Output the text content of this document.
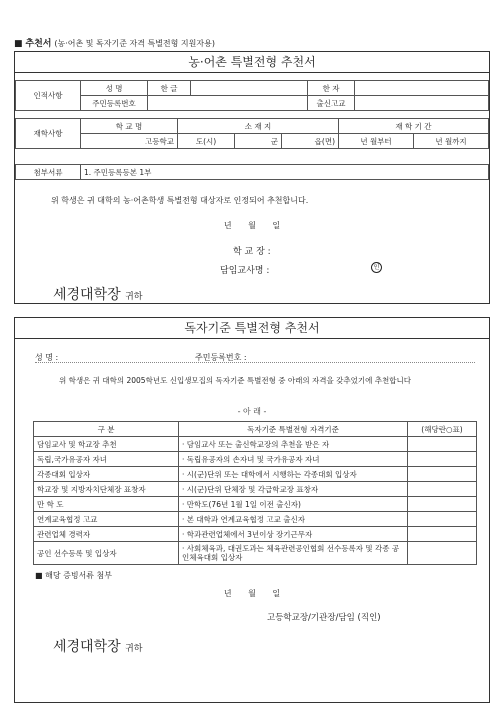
■ 추천서 (농·어촌 및 독자기준 자격 특별전형 지원자용)
농·어촌 특별전형 추천서
인적사항	성 명	한 글		한 자	
	주민등록번호			출신고교	
재학사항	학 교 명	소 재 지			재 학 기 간	
	고등학교	도(시)	군	읍(면)	년 월부터	년 월까지
첨부서류	1. 주민등록등본 1부
위 학생은 귀 대학의 농·어촌학생 특별전형 대상자로 인정되어 추천합니다.
년 월 일
학 교 장 :
담임교사명 :	인
세경대학장 귀하
독자기준 특별전형 추천서
성 명 :	주민등록번호 :
위 학생은 귀 대학의 2005학년도 신입생모집의 독자기준 특별전형 중 아래의 자격을 갖추었기에 추천합니다
- 아 래 -
구 분	독자기준 특별전형 자격기준	(해당란○표)
담임교사 및 학교장 추천	· 담임교사 또는 출신학교장의 추천을 받은 자	
독립,국가유공자 자녀	· 독립유공자의 손자녀 및 국가유공자 자녀	
각종대회 입상자	· 시(군)단위 또는 대학에서 시행하는 각종대회 입상자	
학교장 및 지방자치단체장 표창자	· 시(군)단위 단체장 및 각급학교장 표창자	
만 학 도	· 만학도(76년 1월 1일 이전 출신자)	
연계교육협정 고교	· 본 대학과 연계교육협정 고교 출신자	
관련업체 경력자	· 학과관련업체에서 3년이상 장기근무자	
공인 선수등록 및 입상자	· 사회체육과, 대권도과는 체육관련공인협회 선수등록자 및 각종 공인체육대회 입상자	
■ 해당 증빙서류 첨부
년 월 일
고등학교장/기관장/담임 (직인)
세경대학장 귀하
